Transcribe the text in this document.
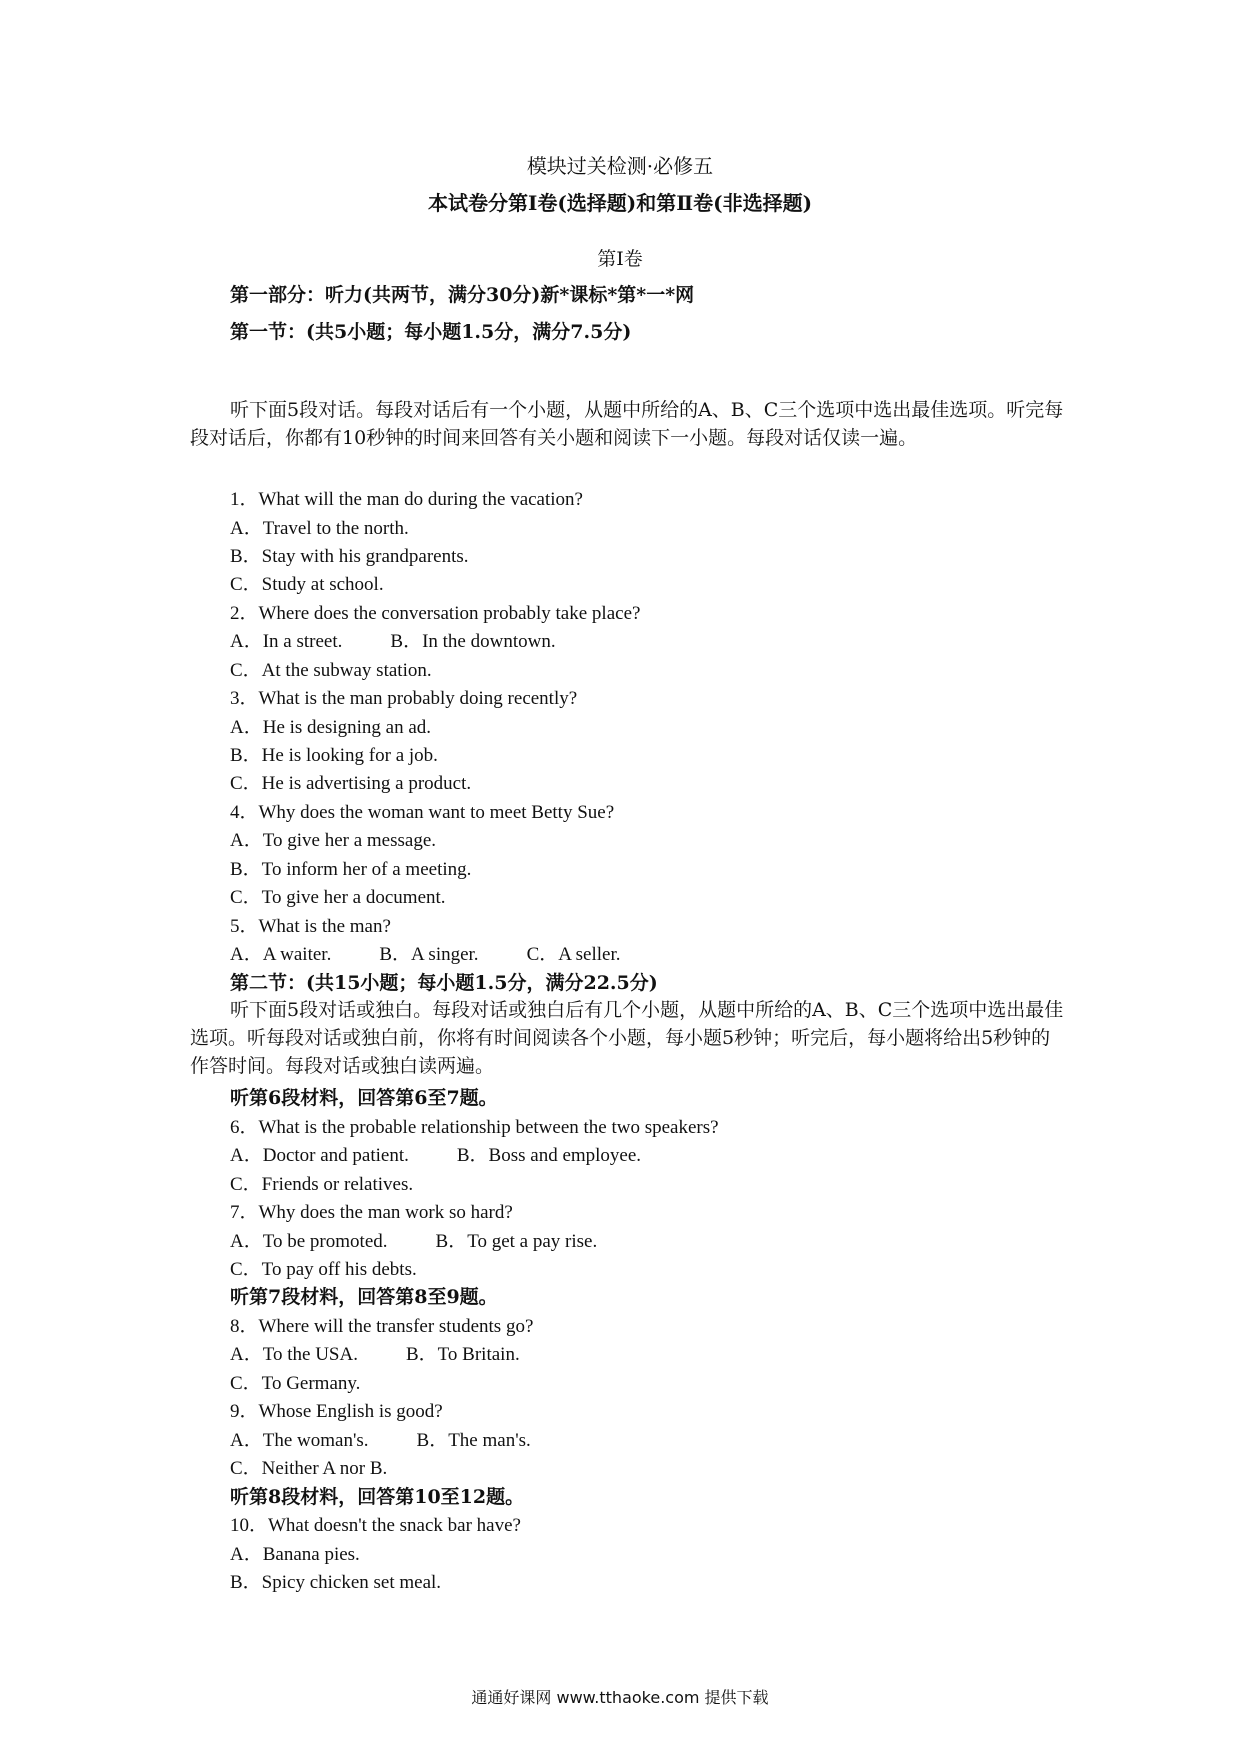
模块过关检测·必修五
本试卷分第Ⅰ卷(选择题)和第Ⅱ卷(非选择题)
第Ⅰ卷
第一部分：听力(共两节，满分30分)新*课标*第*一*网
第一节：(共5小题；每小题1.5分，满分7.5分)
听下面5段对话。每段对话后有一个小题，从题中所给的A、B、C三个选项中选出最佳选项。听完每段对话后，你都有10秒钟的时间来回答有关小题和阅读下一小题。每段对话仅读一遍。
1．What will the man do during the vacation?
A．Travel to the north.
B．Stay with his grandparents.
C．Study at school.
2．Where does the conversation probably take place?
A．In a street.	B．In the downtown.
C．At the subway station.
3．What is the man probably doing recently?
A．He is designing an ad.
B．He is looking for a job.
C．He is advertising a product.
4．Why does the woman want to meet Betty Sue?
A．To give her a message.
B．To inform her of a meeting.
C．To give her a document.
5．What is the man?
A．A waiter.	B．A singer.	C．A seller.
第二节：(共15小题；每小题1.5分，满分22.5分)
听下面5段对话或独白。每段对话或独白后有几个小题，从题中所给的A、B、C三个选项中选出最佳选项。听每段对话或独白前，你将有时间阅读各个小题，每小题5秒钟；听完后，每小题将给出5秒钟的作答时间。每段对话或独白读两遍。
听第6段材料，回答第6至7题。
6．What is the probable relationship between the two speakers?
A．Doctor and patient.	B．Boss and employee.
C．Friends or relatives.
7．Why does the man work so hard?
A．To be promoted.	B．To get a pay rise.
C．To pay off his debts.
听第7段材料，回答第8至9题。
8．Where will the transfer students go?
A．To the USA.	B．To Britain.
C．To Germany.
9．Whose English is good?
A．The woman's.	B．The man's.
C．Neither A nor B.
听第8段材料，回答第10至12题。
10．What doesn't the snack bar have?
A．Banana pies.
B．Spicy chicken set meal.
通通好课网 www.tthaoke.com 提供下载
